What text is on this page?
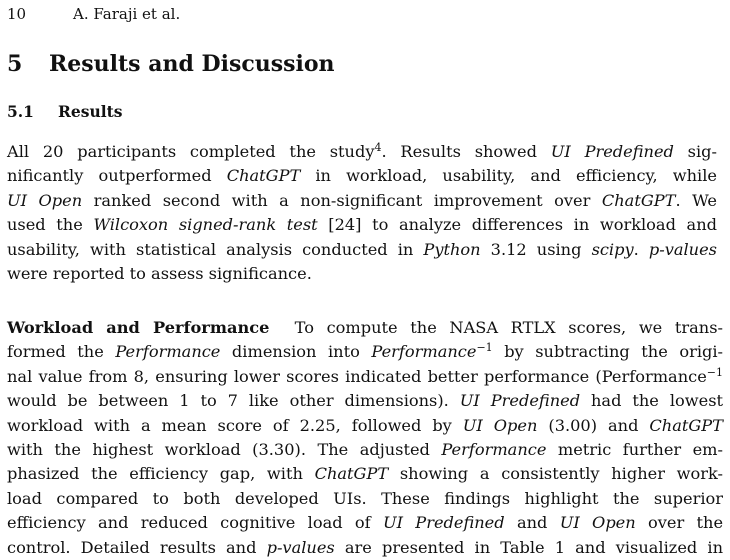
10	A. Faraji et al.
5 Results and Discussion
5.1 Results

All 20 participants completed the study$^4$. Results showed UI Predefined sig-
nificantly outperformed ChatGPT in workload, usability, and efficiency, while
UI Open ranked second with a non-significant improvement over ChatGPT. We
used the Wilcoxon signed-rank test [24] to analyze differences in workload and
usability, with statistical analysis conducted in Python 3.12 using scipy. p-values
were reported to assess significance.

Workload and Performance To compute the NASA RTLX scores, we trans-
formed the Performance dimension into Performance$^{-1}$ by subtracting the origi-
nal value from 8, ensuring lower scores indicated better performance (Performance$^{-1}$
would be between 1 to 7 like other dimensions). UI Predefined had the lowest
workload with a mean score of 2.25, followed by UI Open (3.00) and ChatGPT
with the highest workload (3.30). The adjusted Performance metric further em-
phasized the efficiency gap, with ChatGPT showing a consistently higher work-
load compared to both developed UIs. These findings highlight the superior
efficiency and reduced cognitive load of UI Predefined and UI Open over the
control. Detailed results and p-values are presented in Table 1 and visualized in
